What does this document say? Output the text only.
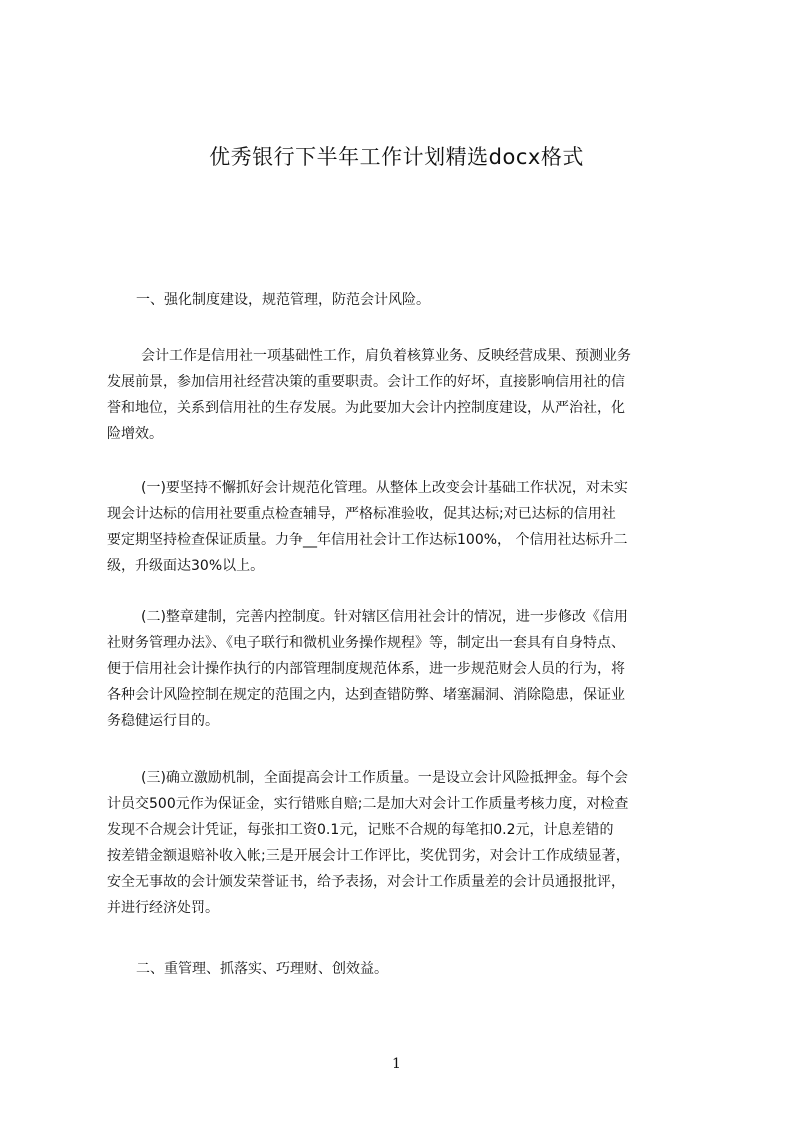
优秀银行下半年工作计划精选docx格式
一、强化制度建设，规范管理，防范会计风险。
会计工作是信用社一项基础性工作，肩负着核算业务、反映经营成果、预测业务
发展前景，参加信用社经营决策的重要职责。会计工作的好坏，直接影响信用社的信
誉和地位，关系到信用社的生存发展。为此要加大会计内控制度建设，从严治社，化
险增效。
(一)要坚持不懈抓好会计规范化管理。从整体上改变会计基础工作状况，对未实
现会计达标的信用社要重点检查辅导，严格标准验收，促其达标;对已达标的信用社
要定期坚持检查保证质量。力争__年信用社会计工作达标100%， 个信用社达标升二
级，升级面达30%以上。
(二)整章建制，完善内控制度。针对辖区信用社会计的情况，进一步修改《信用
社财务管理办法》、《电子联行和微机业务操作规程》等，制定出一套具有自身特点、
便于信用社会计操作执行的内部管理制度规范体系，进一步规范财会人员的行为，将
各种会计风险控制在规定的范围之内，达到查错防弊、堵塞漏洞、消除隐患，保证业
务稳健运行目的。
(三)确立激励机制，全面提高会计工作质量。一是设立会计风险抵押金。每个会
计员交500元作为保证金，实行错账自赔;二是加大对会计工作质量考核力度，对检查
发现不合规会计凭证，每张扣工资0.1元，记账不合规的每笔扣0.2元，计息差错的
按差错金额退赔补收入帐;三是开展会计工作评比，奖优罚劣，对会计工作成绩显著，
安全无事故的会计颁发荣誉证书，给予表扬，对会计工作质量差的会计员通报批评，
并进行经济处罚。
二、重管理、抓落实、巧理财、创效益。
1
